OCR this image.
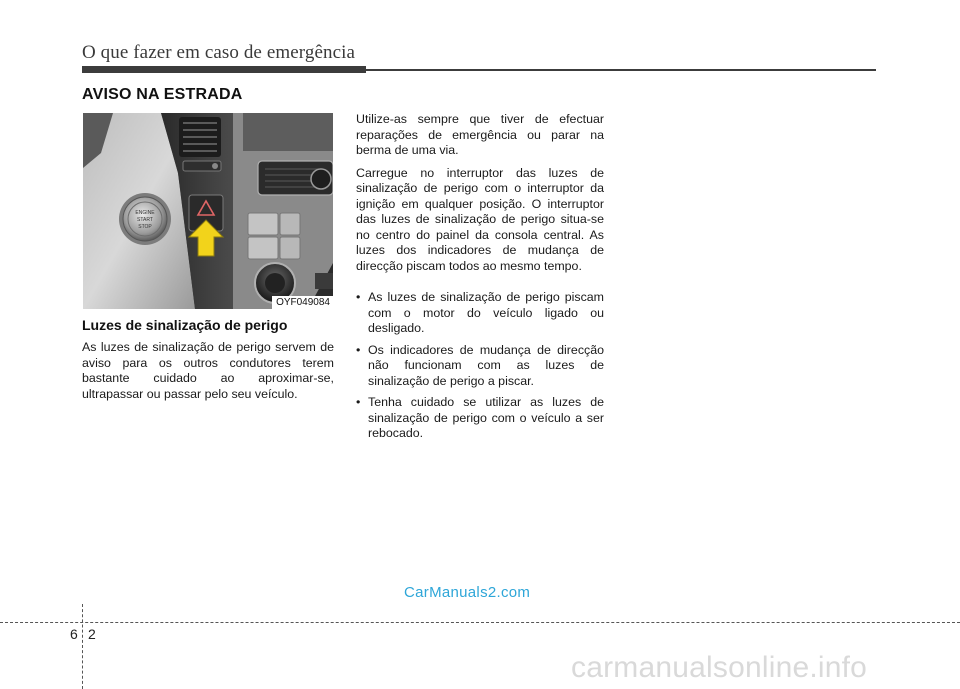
O que fazer em caso de emergência
AVISO NA ESTRADA
ENGINE
START
STOP
OYF049084
Luzes de sinalização de perigo

As luzes de sinalização de perigo servem de aviso para os outros condutores terem bastante cuidado ao aproximar-se, ultrapassar ou passar pelo seu veículo.

Utilize-as sempre que tiver de efectuar reparações de emergência ou parar na berma de uma via.

Carregue no interruptor das luzes de sinalização de perigo com o interruptor da ignição em qualquer posição. O interruptor das luzes de sinalização de perigo situa-se no centro do painel da consola central. As luzes dos indicadores de mudança de direcção piscam todos ao mesmo tempo.

• As luzes de sinalização de perigo piscam com o motor do veículo ligado ou desligado.
• Os indicadores de mudança de direcção não funcionam com as luzes de sinalização de perigo a piscar.
• Tenha cuidado se utilizar as luzes de sinalização de perigo com o veículo a ser rebocado.
CarManuals2.com
6 2
carmanualsonline.info
